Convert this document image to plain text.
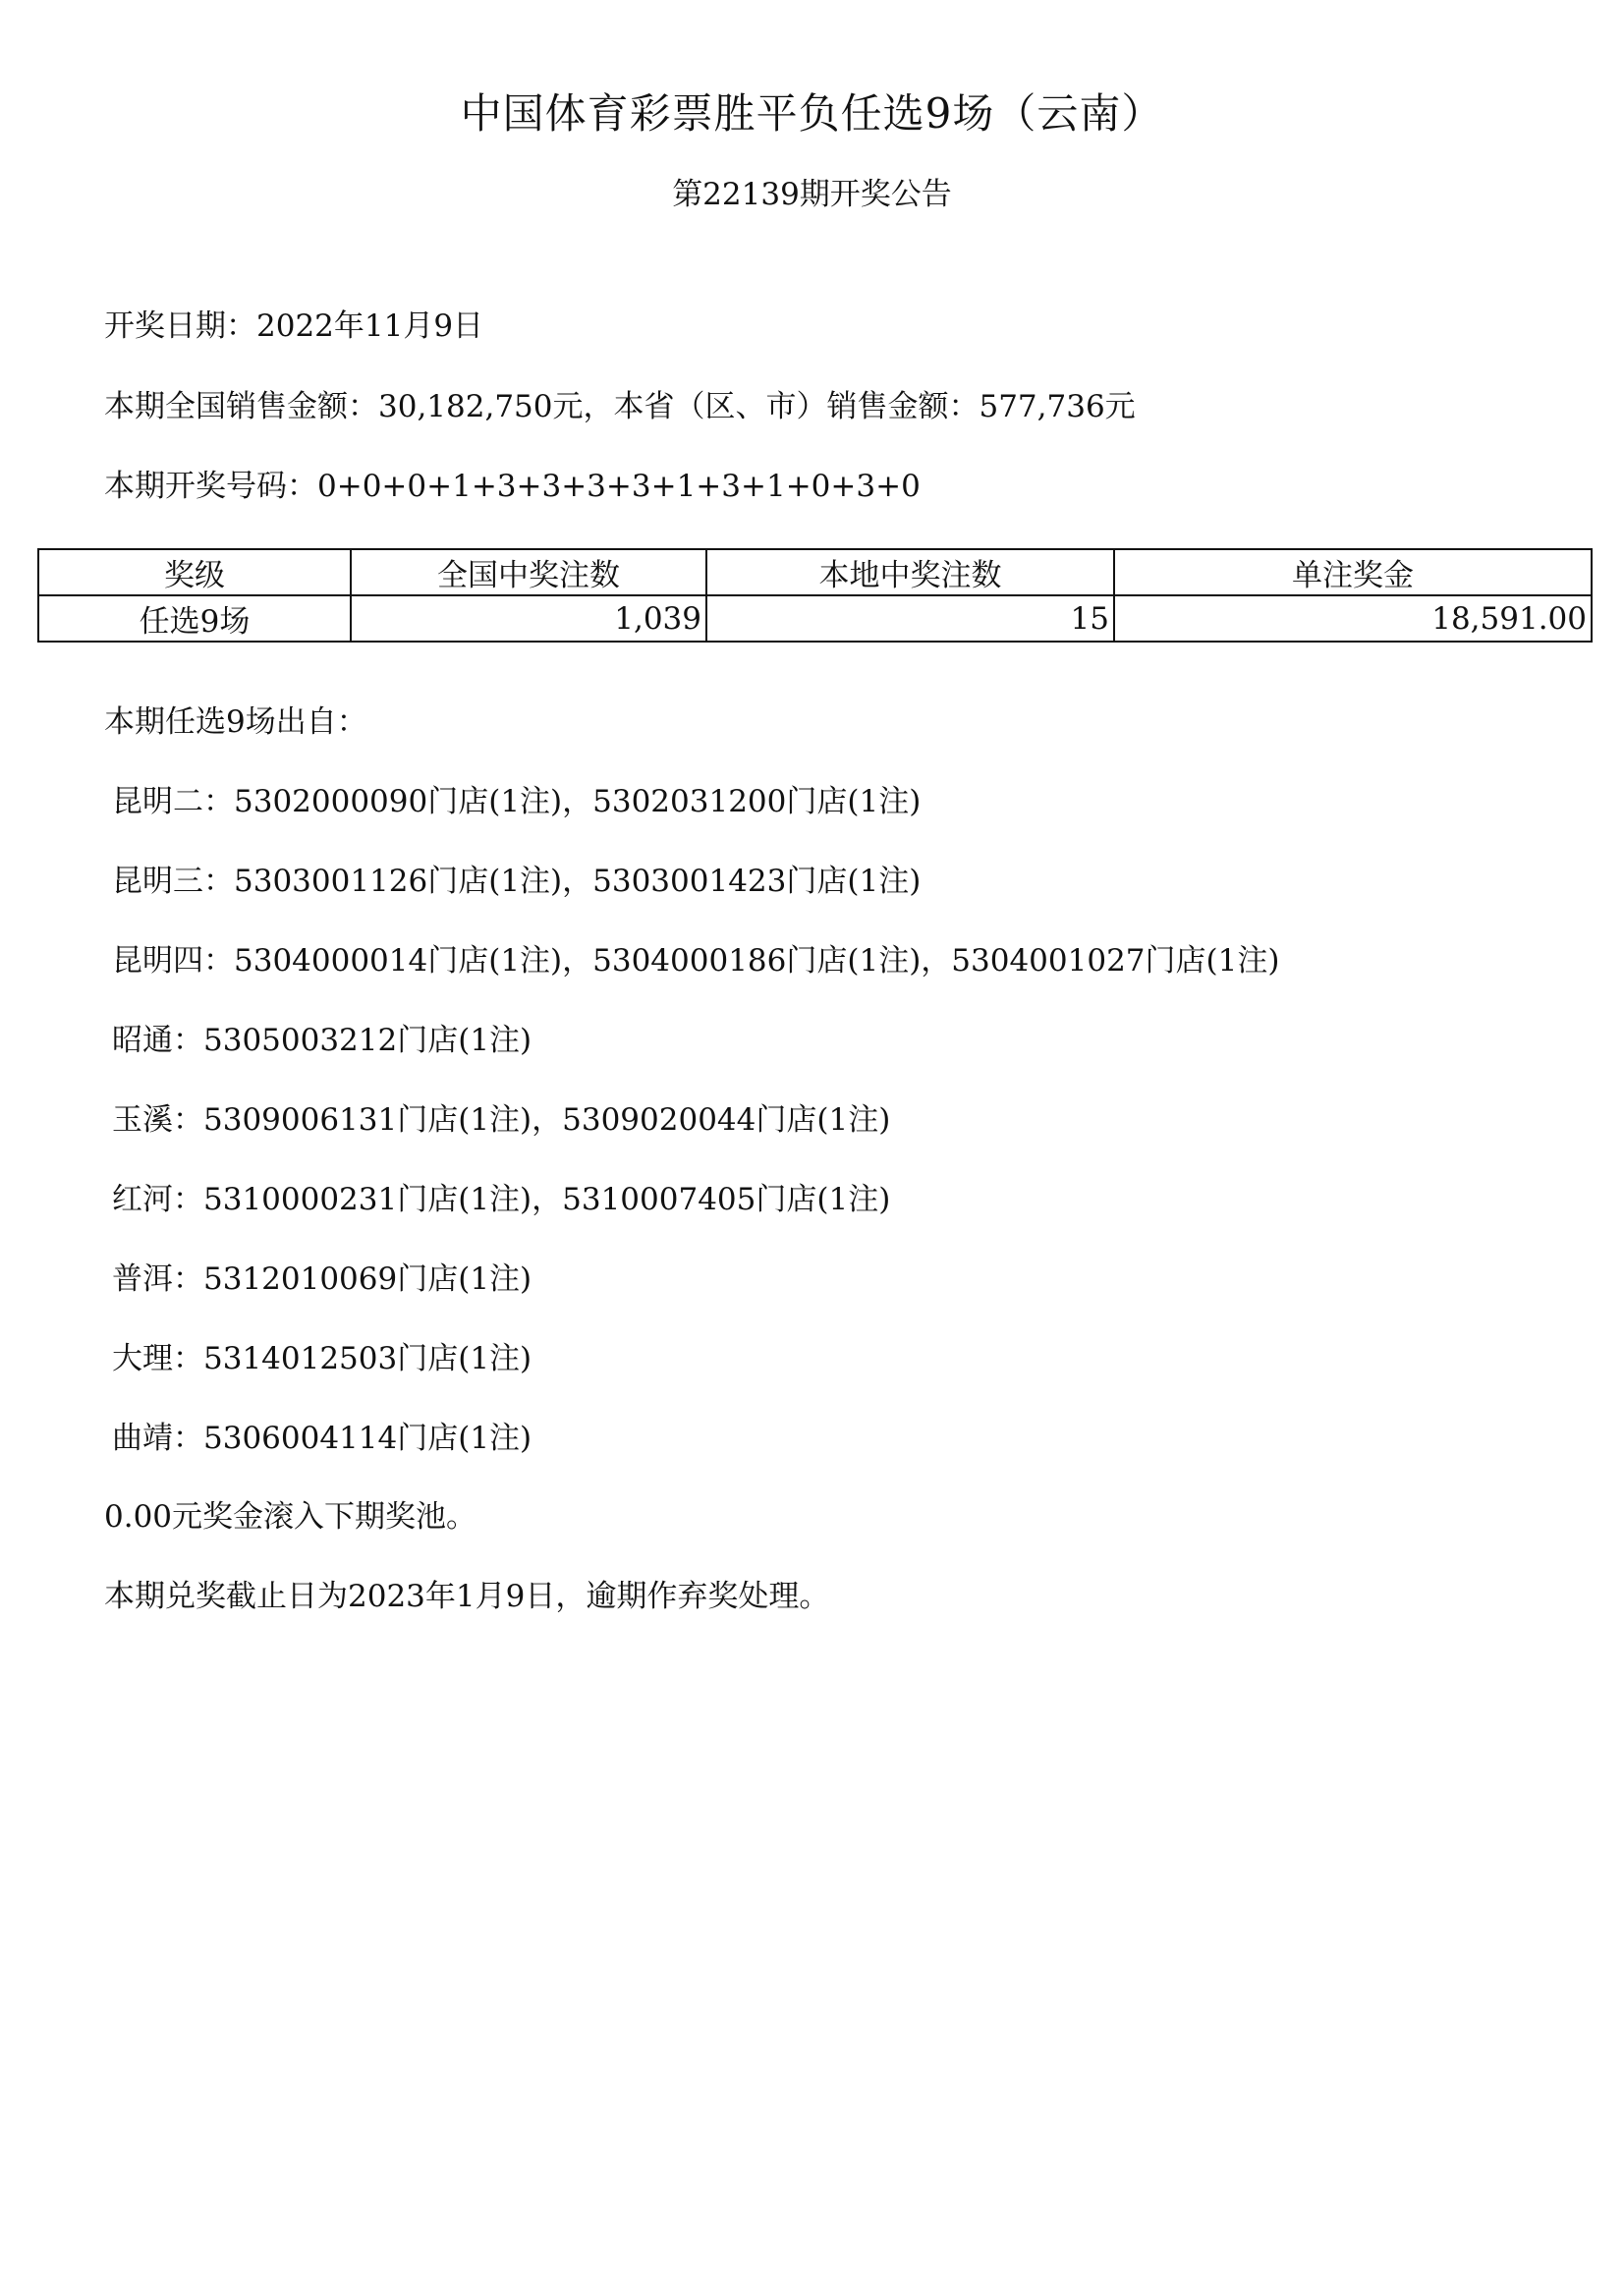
中国体育彩票胜平负任选9场（云南）
第22139期开奖公告
开奖日期：2022年11月9日
本期全国销售金额：30,182,750元，本省（区、市）销售金额：577,736元
本期开奖号码：0+0+0+1+3+3+3+3+1+3+1+0+3+0
奖级	全国中奖注数	本地中奖注数	单注奖金
任选9场	1,039	15	18,591.00
本期任选9场出自：
昆明二：5302000090门店(1注)，5302031200门店(1注)
昆明三：5303001126门店(1注)，5303001423门店(1注)
昆明四：5304000014门店(1注)，5304000186门店(1注)，5304001027门店(1注)
昭通：5305003212门店(1注)
玉溪：5309006131门店(1注)，5309020044门店(1注)
红河：5310000231门店(1注)，5310007405门店(1注)
普洱：5312010069门店(1注)
大理：5314012503门店(1注)
曲靖：5306004114门店(1注)
0.00元奖金滚入下期奖池。
本期兑奖截止日为2023年1月9日，逾期作弃奖处理。
